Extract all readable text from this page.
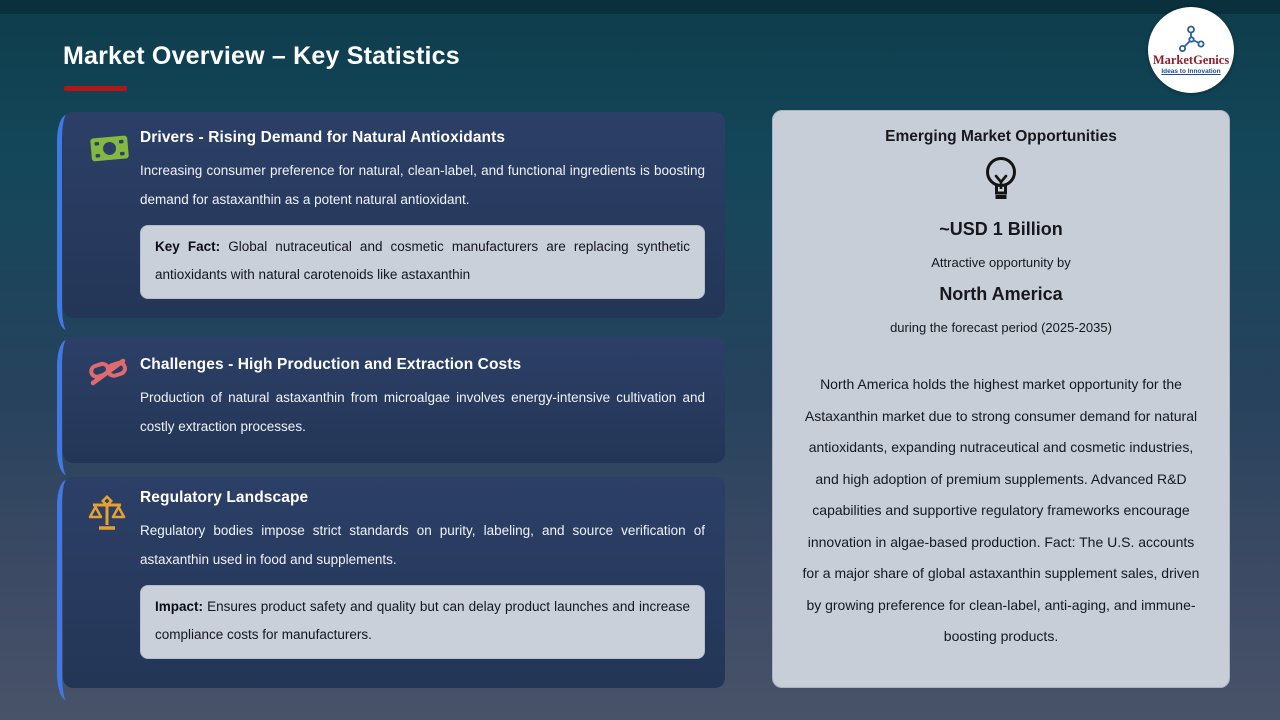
Market Overview – Key Statistics	MarketGenics
Ideas to Innovation
Drivers - Rising Demand for Natural Antioxidants
Increasing consumer preference for natural, clean-label, and functional ingredients is boosting demand for astaxanthin as a potent natural antioxidant.
Key Fact: Global nutraceutical and cosmetic manufacturers are replacing synthetic antioxidants with natural carotenoids like astaxanthin
Challenges - High Production and Extraction Costs
Production of natural astaxanthin from microalgae involves energy-intensive cultivation and costly extraction processes.
Regulatory Landscape
Regulatory bodies impose strict standards on purity, labeling, and source verification of astaxanthin used in food and supplements.
Impact: Ensures product safety and quality but can delay product launches and increase compliance costs for manufacturers.
Emerging Market Opportunities
~USD 1 Billion
Attractive opportunity by
North America
during the forecast period (2025-2035)
North America holds the highest market opportunity for the Astaxanthin market due to strong consumer demand for natural antioxidants, expanding nutraceutical and cosmetic industries, and high adoption of premium supplements. Advanced R&D capabilities and supportive regulatory frameworks encourage innovation in algae-based production. Fact: The U.S. accounts for a major share of global astaxanthin supplement sales, driven by growing preference for clean-label, anti-aging, and immune-boosting products.
